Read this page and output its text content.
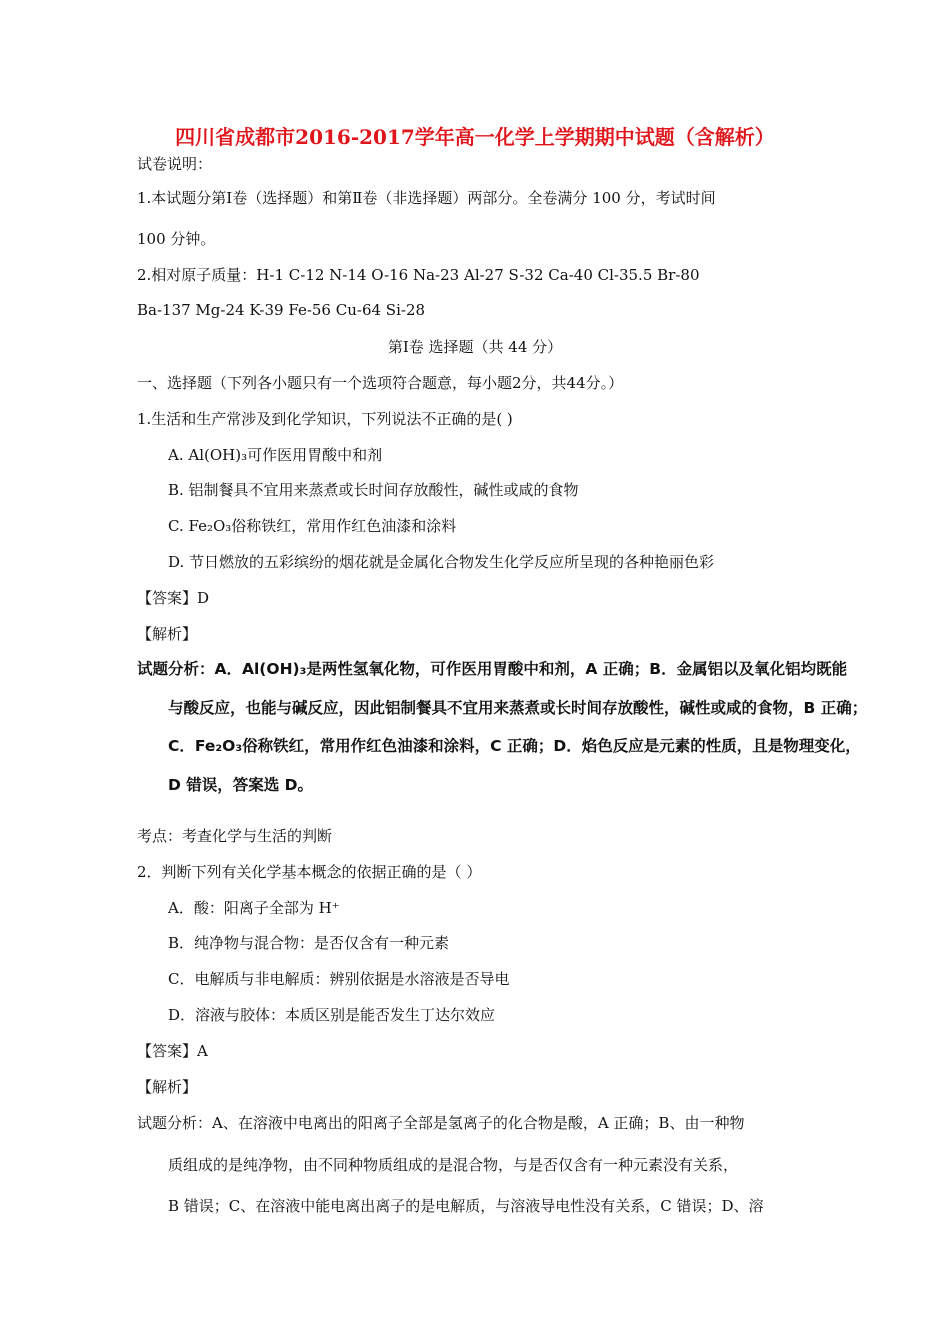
四川省成都市2016-2017学年高一化学上学期期中试题（含解析）
试卷说明：
1.本试题分第Ⅰ卷（选择题）和第Ⅱ卷（非选择题）两部分。全卷满分 100 分，考试时间
100 分钟。
2.相对原子质量：H-1 C-12 N-14 O-16 Na-23 Al-27 S-32 Ca-40 Cl-35.5 Br-80
Ba-137 Mg-24 K-39 Fe-56 Cu-64 Si-28
第Ⅰ卷 选择题（共 44 分）
一、选择题（下列各小题只有一个选项符合题意，每小题2分，共44分。）
1.生活和生产常涉及到化学知识，下列说法不正确的是( )
A. Al(OH)₃可作医用胃酸中和剂
B. 铝制餐具不宜用来蒸煮或长时间存放酸性，碱性或咸的食物
C. Fe₂O₃俗称铁红，常用作红色油漆和涂料
D. 节日燃放的五彩缤纷的烟花就是金属化合物发生化学反应所呈现的各种艳丽色彩
【答案】D
【解析】
试题分析：A．Al(OH)₃是两性氢氧化物，可作医用胃酸中和剂，A 正确；B．金属铝以及氧化铝均既能
与酸反应，也能与碱反应，因此铝制餐具不宜用来蒸煮或长时间存放酸性，碱性或咸的食物，B 正确；
C．Fe₂O₃俗称铁红，常用作红色油漆和涂料，C 正确；D．焰色反应是元素的性质，且是物理变化，
D 错误，答案选 D。
考点：考查化学与生活的判断
2．判断下列有关化学基本概念的依据正确的是（ ）
A．酸：阳离子全部为 H⁺
B．纯净物与混合物：是否仅含有一种元素
C．电解质与非电解质：辨别依据是水溶液是否导电
D．溶液与胶体：本质区别是能否发生丁达尔效应
【答案】A
【解析】
试题分析：A、在溶液中电离出的阳离子全部是氢离子的化合物是酸，A 正确；B、由一种物
质组成的是纯净物，由不同种物质组成的是混合物，与是否仅含有一种元素没有关系，
B 错误；C、在溶液中能电离出离子的是电解质，与溶液导电性没有关系，C 错误；D、溶
